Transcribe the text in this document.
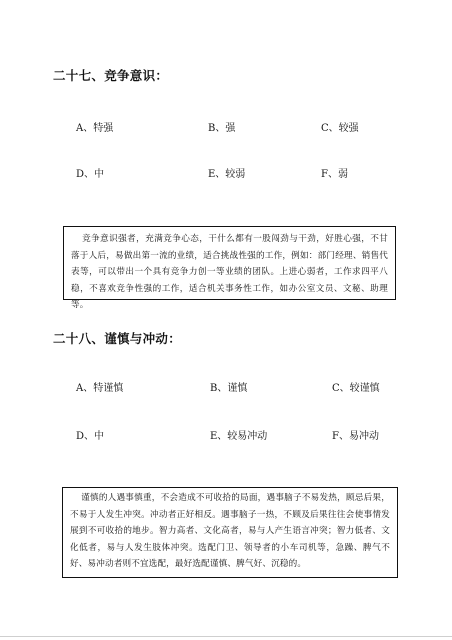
二十七、竞争意识：
A、特强	B、强	C、较强
D、中	E、较弱	F、弱

竞争意识强者，充满竞争心态，干什么都有一股闯劲与干劲，好胜心强，不甘落于人后，易做出第一流的业绩，适合挑战性强的工作，例如：部门经理、销售代表等，可以带出一个具有竞争力创一等业绩的团队。上进心弱者，工作求四平八稳，不喜欢竞争性强的工作，适合机关事务性工作，如办公室文员、文秘、助理等。

二十八、谨慎与冲动：
A、特谨慎	B、谨慎	C、较谨慎
D、中	E、较易冲动	F、易冲动

谨慎的人遇事慎重，不会造成不可收拾的局面，遇事脑子不易发热，顾忌后果，不易于人发生冲突。冲动者正好相反。遇事脑子一热，不顾及后果往往会使事情发展到不可收拾的地步。智力高者、文化高者，易与人产生语言冲突；智力低者、文化低者，易与人发生肢体冲突。选配门卫、领导者的小车司机等，急躁、脾气不好、易冲动者则不宜选配，最好选配谨慎、脾气好、沉稳的。
